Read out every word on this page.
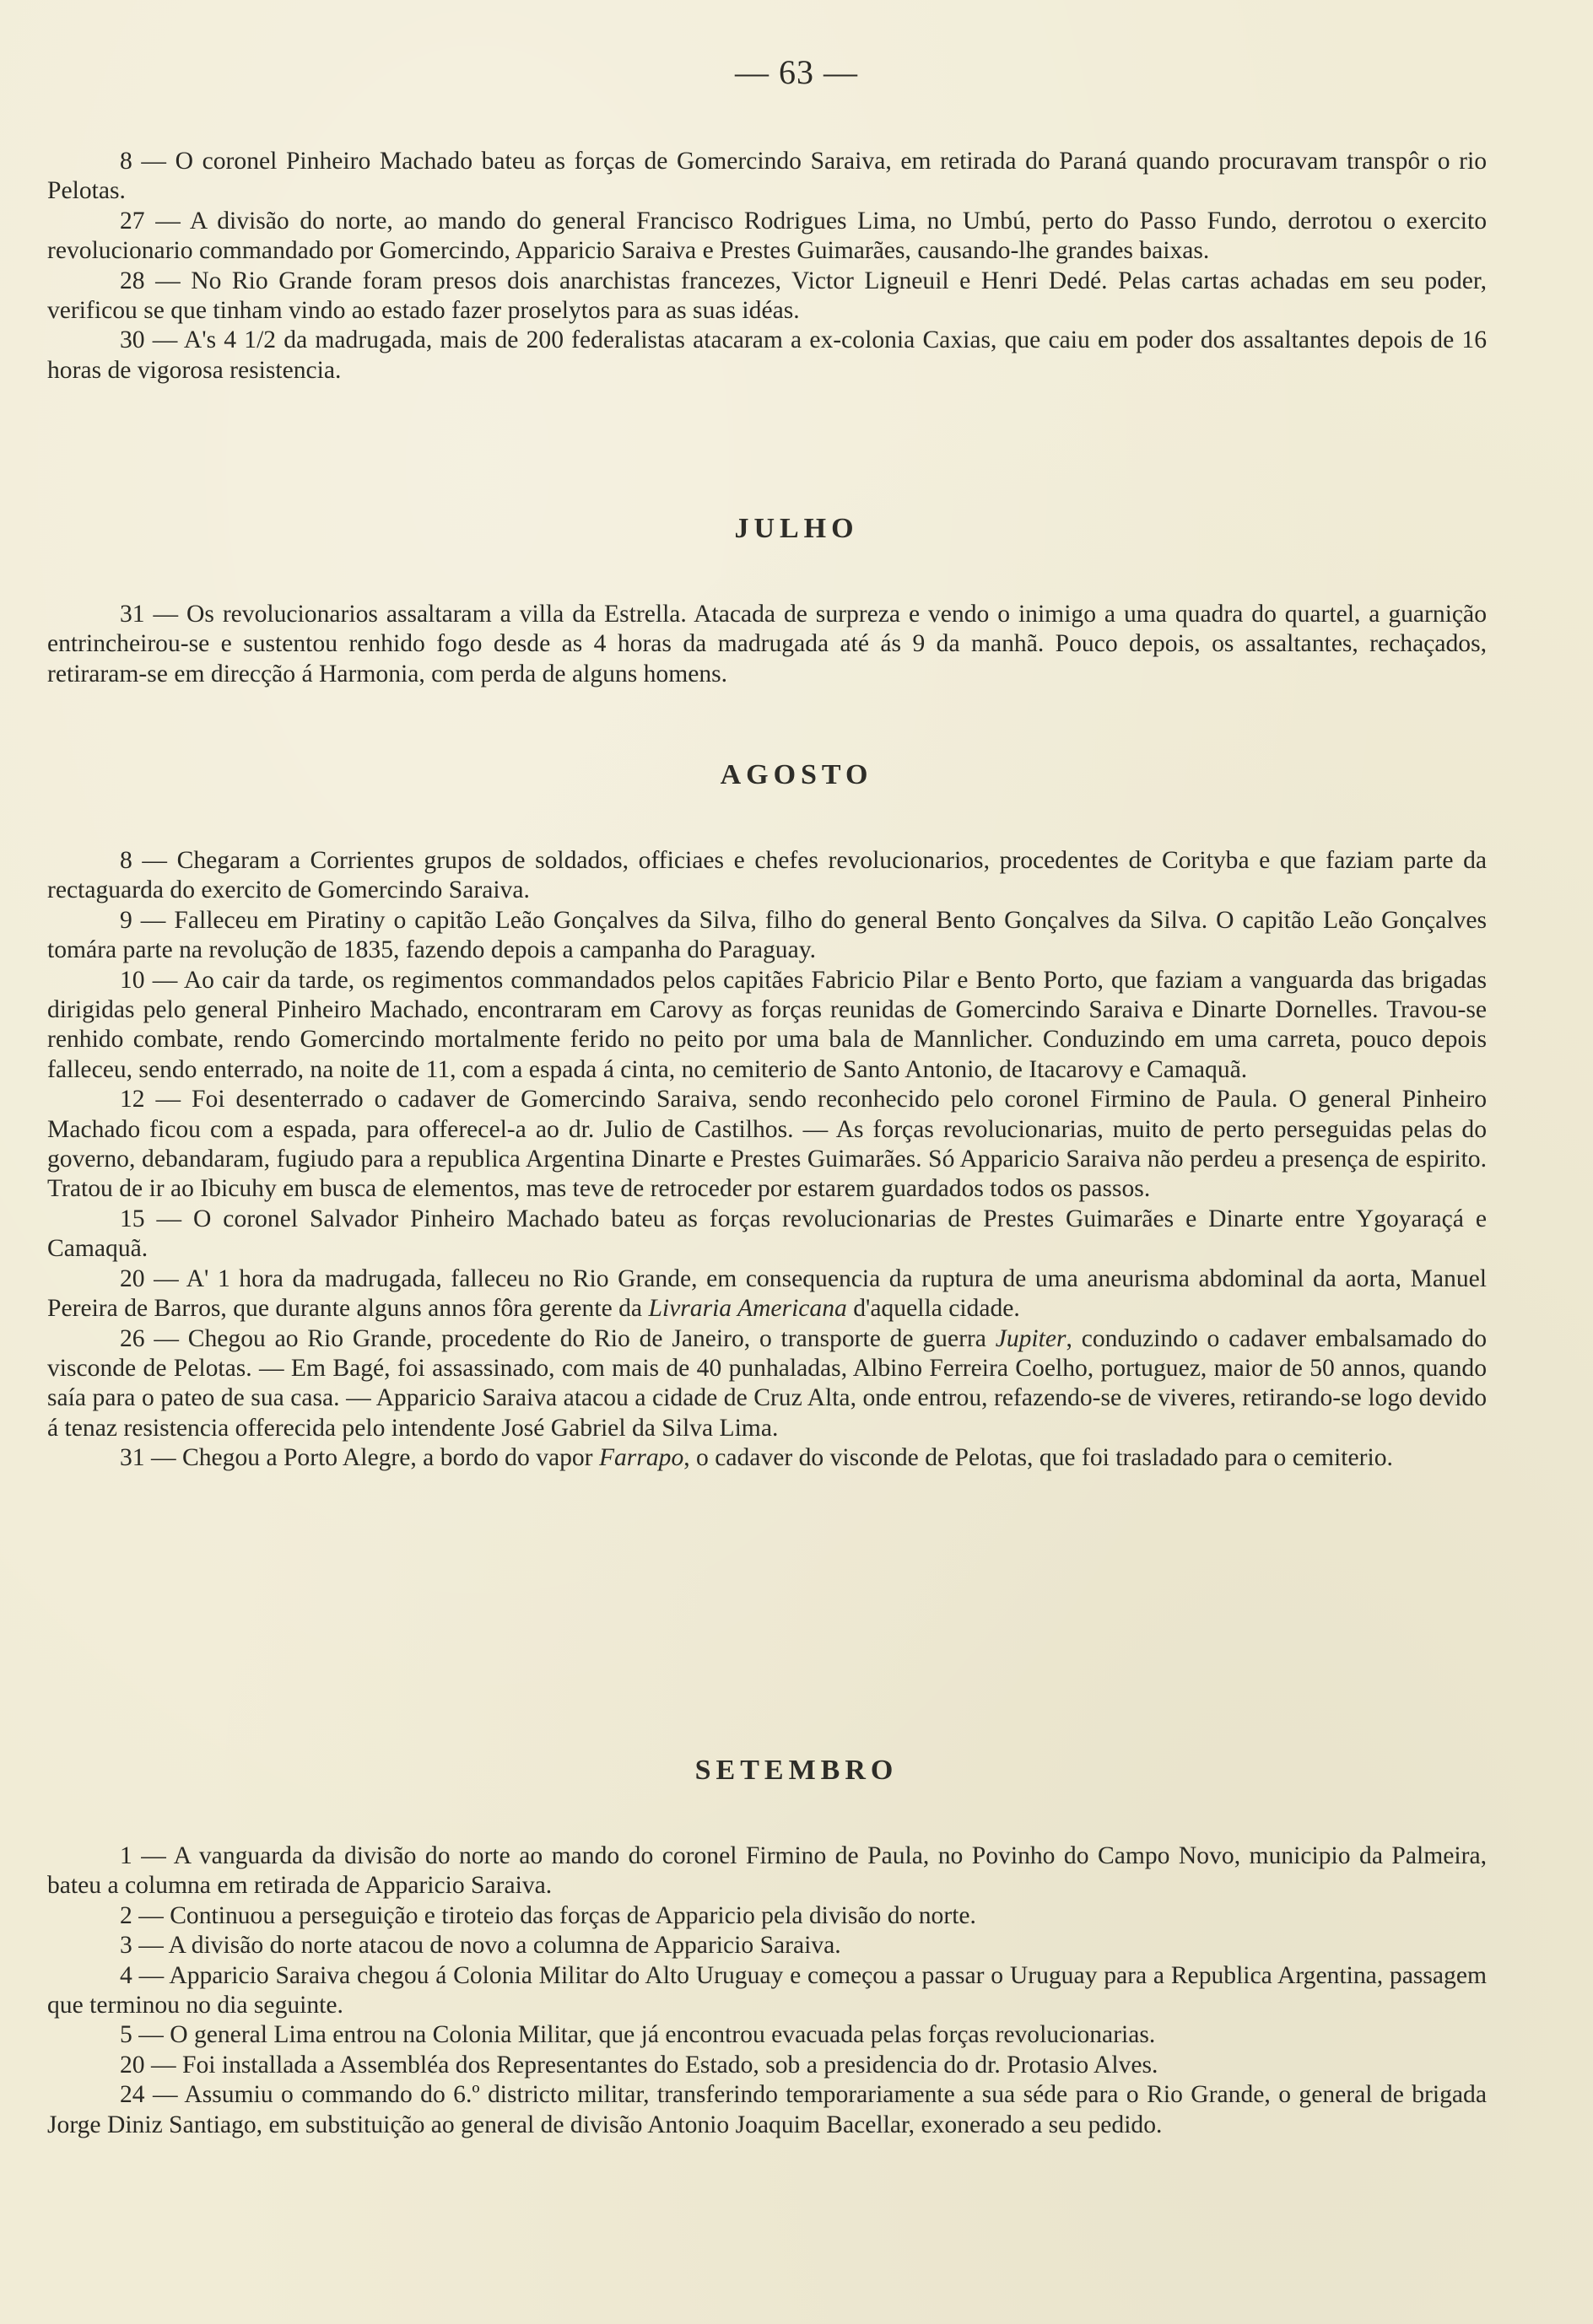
— 63 —

8 — O coronel Pinheiro Machado bateu as forças de Gomercindo Saraiva, em retirada do Paraná quando procuravam transpôr o rio Pelotas.

27 — A divisão do norte, ao mando do general Francisco Rodrigues Lima, no Umbú, perto do Passo Fundo, derrotou o exercito revolucionario commandado por Gomercindo, Apparicio Saraiva e Prestes Guimarães, causando-lhe grandes baixas.

28 — No Rio Grande foram presos dois anarchistas francezes, Victor Ligneuil e Henri Dedé. Pelas cartas achadas em seu poder, verificou se que tinham vindo ao estado fazer proselytos para as suas idéas.

30 — A's 4 1/2 da madrugada, mais de 200 federalistas atacaram a ex-colonia Caxias, que caiu em poder dos assaltantes depois de 16 horas de vigorosa resistencia.

JULHO

31 — Os revolucionarios assaltaram a villa da Estrella. Atacada de surpreza e vendo o inimigo a uma quadra do quartel, a guarnição entrincheirou-se e sustentou renhido fogo desde as 4 horas da madrugada até ás 9 da manhã. Pouco depois, os assaltantes, rechaçados, retiraram-se em direcção á Harmonia, com perda de alguns homens.

AGOSTO

8 — Chegaram a Corrientes grupos de soldados, officiaes e chefes revolucionarios, procedentes de Corityba e que faziam parte da rectaguarda do exercito de Gomercindo Saraiva.

9 — Falleceu em Piratiny o capitão Leão Gonçalves da Silva, filho do general Bento Gonçalves da Silva. O capitão Leão Gonçalves tomára parte na revolução de 1835, fazendo depois a campanha do Paraguay.

10 — Ao cair da tarde, os regimentos commandados pelos capitães Fabricio Pilar e Bento Porto, que faziam a vanguarda das brigadas dirigidas pelo general Pinheiro Machado, encontraram em Carovy as forças reunidas de Gomercindo Saraiva e Dinarte Dornelles. Travou-se renhido combate, rendo Gomercindo mortalmente ferido no peito por uma bala de Mannlicher. Conduzindo em uma carreta, pouco depois falleceu, sendo enterrado, na noite de 11, com a espada á cinta, no cemiterio de Santo Antonio, de Itacarovy e Camaquã.

12 — Foi desenterrado o cadaver de Gomercindo Saraiva, sendo reconhecido pelo coronel Firmino de Paula. O general Pinheiro Machado ficou com a espada, para offerecel-a ao dr. Julio de Castilhos. — As forças revolucionarias, muito de perto perseguidas pelas do governo, debandaram, fugiudo para a republica Argentina Dinarte e Prestes Guimarães. Só Apparicio Saraiva não perdeu a presença de espirito. Tratou de ir ao Ibicuhy em busca de elementos, mas teve de retroceder por estarem guardados todos os passos.

15 — O coronel Salvador Pinheiro Machado bateu as forças revolucionarias de Prestes Guimarães e Dinarte entre Ygoyaraçá e Camaquã.

20 — A' 1 hora da madrugada, falleceu no Rio Grande, em consequencia da ruptura de uma aneurisma abdominal da aorta, Manuel Pereira de Barros, que durante alguns annos fôra gerente da Livraria Americana d'aquella cidade.

26 — Chegou ao Rio Grande, procedente do Rio de Janeiro, o transporte de guerra Jupiter, conduzindo o cadaver embalsamado do visconde de Pelotas. — Em Bagé, foi assassinado, com mais de 40 punhaladas, Albino Ferreira Coelho, portuguez, maior de 50 annos, quando saía para o pateo de sua casa. — Apparicio Saraiva atacou a cidade de Cruz Alta, onde entrou, refazendo-se de viveres, retirando-se logo devido á tenaz resistencia offerecida pelo intendente José Gabriel da Silva Lima.

31 — Chegou a Porto Alegre, a bordo do vapor Farrapo, o cadaver do visconde de Pelotas, que foi trasladado para o cemiterio.

SETEMBRO

1 — A vanguarda da divisão do norte ao mando do coronel Firmino de Paula, no Povinho do Campo Novo, municipio da Palmeira, bateu a columna em retirada de Apparicio Saraiva.

2 — Continuou a perseguição e tiroteio das forças de Apparicio pela divisão do norte.

3 — A divisão do norte atacou de novo a columna de Apparicio Saraiva.

4 — Apparicio Saraiva chegou á Colonia Militar do Alto Uruguay e começou a passar o Uruguay para a Republica Argentina, passagem que terminou no dia seguinte.

5 — O general Lima entrou na Colonia Militar, que já encontrou evacuada pelas forças revolucionarias.

20 — Foi installada a Assembléa dos Representantes do Estado, sob a presidencia do dr. Protasio Alves.

24 — Assumiu o commando do 6.º districto militar, transferindo temporariamente a sua séde para o Rio Grande, o general de brigada Jorge Diniz Santiago, em substituição ao general de divisão Antonio Joaquim Bacellar, exonerado a seu pedido.
